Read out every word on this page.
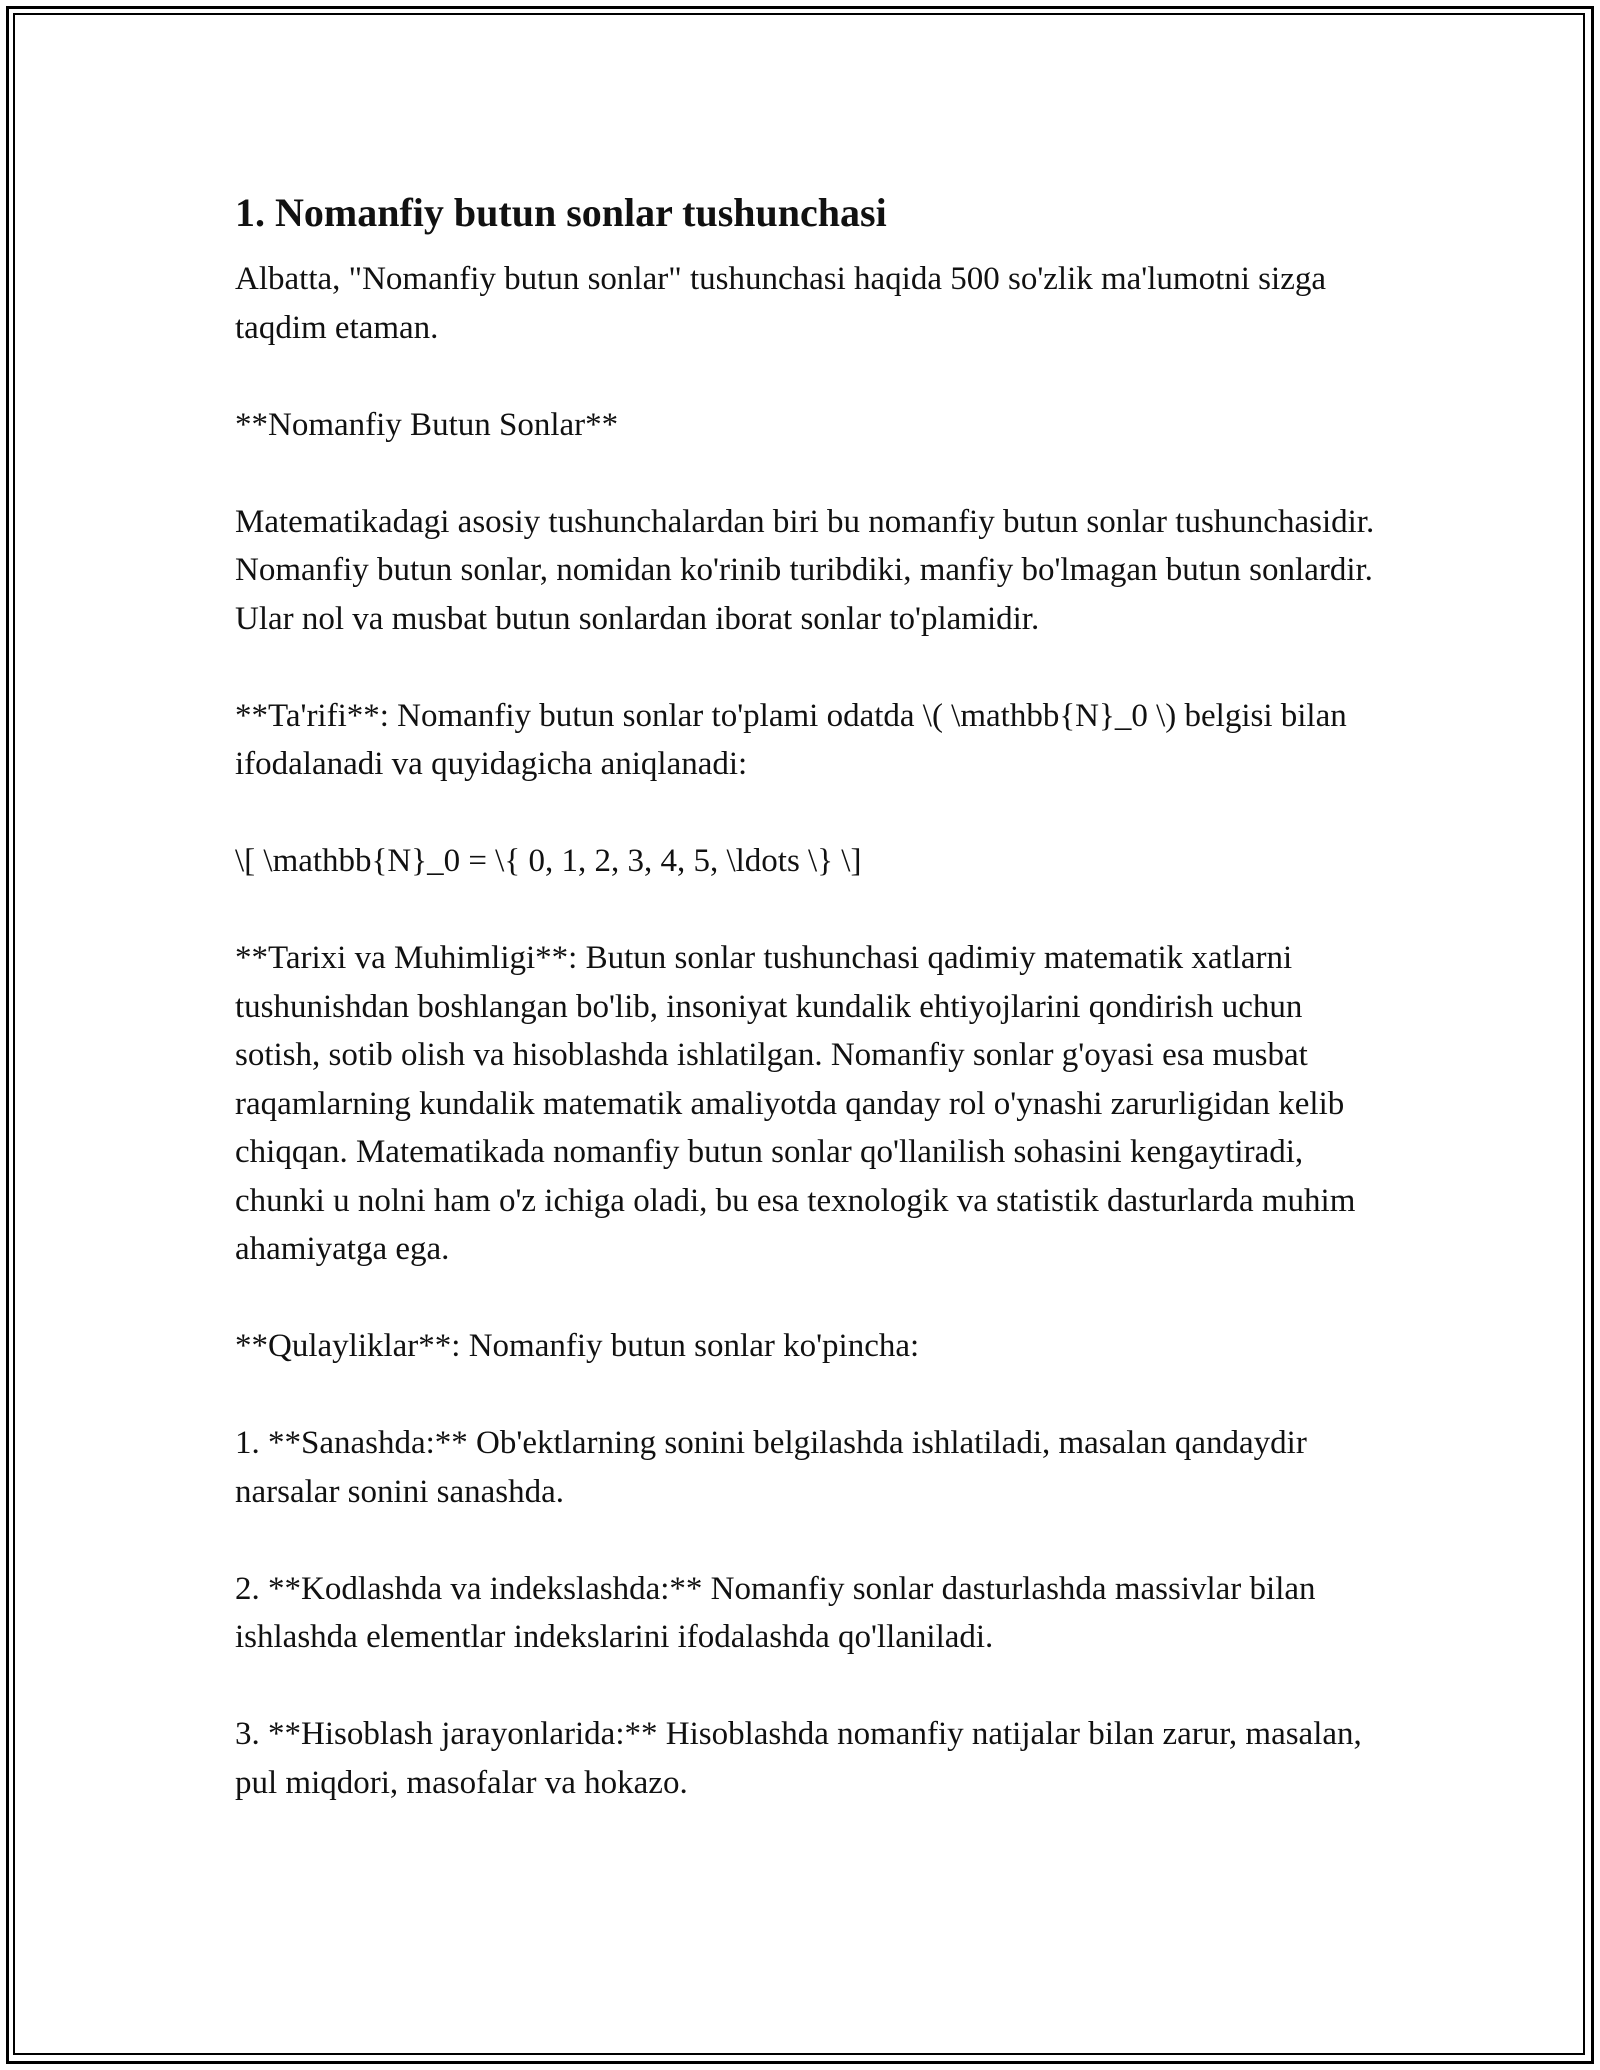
1. Nomanfiy butun sonlar tushunchasi

Albatta, "Nomanfiy butun sonlar" tushunchasi haqida 500 so'zlik ma'lumotni sizga taqdim etaman.

**Nomanfiy Butun Sonlar**

Matematikadagi asosiy tushunchalardan biri bu nomanfiy butun sonlar tushunchasidir. Nomanfiy butun sonlar, nomidan ko'rinib turibdiki, manfiy bo'lmagan butun sonlardir. Ular nol va musbat butun sonlardan iborat sonlar to'plamidir.

**Ta'rifi**: Nomanfiy butun sonlar to'plami odatda \( \mathbb{N}_0 \) belgisi bilan ifodalanadi va quyidagicha aniqlanadi:

\[ \mathbb{N}_0 = \{ 0, 1, 2, 3, 4, 5, \ldots \} \]

**Tarixi va Muhimligi**: Butun sonlar tushunchasi qadimiy matematik xatlarni tushunishdan boshlangan bo'lib, insoniyat kundalik ehtiyojlarini qondirish uchun sotish, sotib olish va hisoblashda ishlatilgan. Nomanfiy sonlar g'oyasi esa musbat raqamlarning kundalik matematik amaliyotda qanday rol o'ynashi zarurligidan kelib chiqqan. Matematikada nomanfiy butun sonlar qo'llanilish sohasini kengaytiradi, chunki u nolni ham o'z ichiga oladi, bu esa texnologik va statistik dasturlarda muhim ahamiyatga ega.

**Qulayliklar**: Nomanfiy butun sonlar ko'pincha:

1. **Sanashda:** Ob'ektlarning sonini belgilashda ishlatiladi, masalan qandaydir narsalar sonini sanashda.

2. **Kodlashda va indekslashda:** Nomanfiy sonlar dasturlashda massivlar bilan ishlashda elementlar indekslarini ifodalashda qo'llaniladi.

3. **Hisoblash jarayonlarida:** Hisoblashda nomanfiy natijalar bilan zarur, masalan, pul miqdori, masofalar va hokazo.
